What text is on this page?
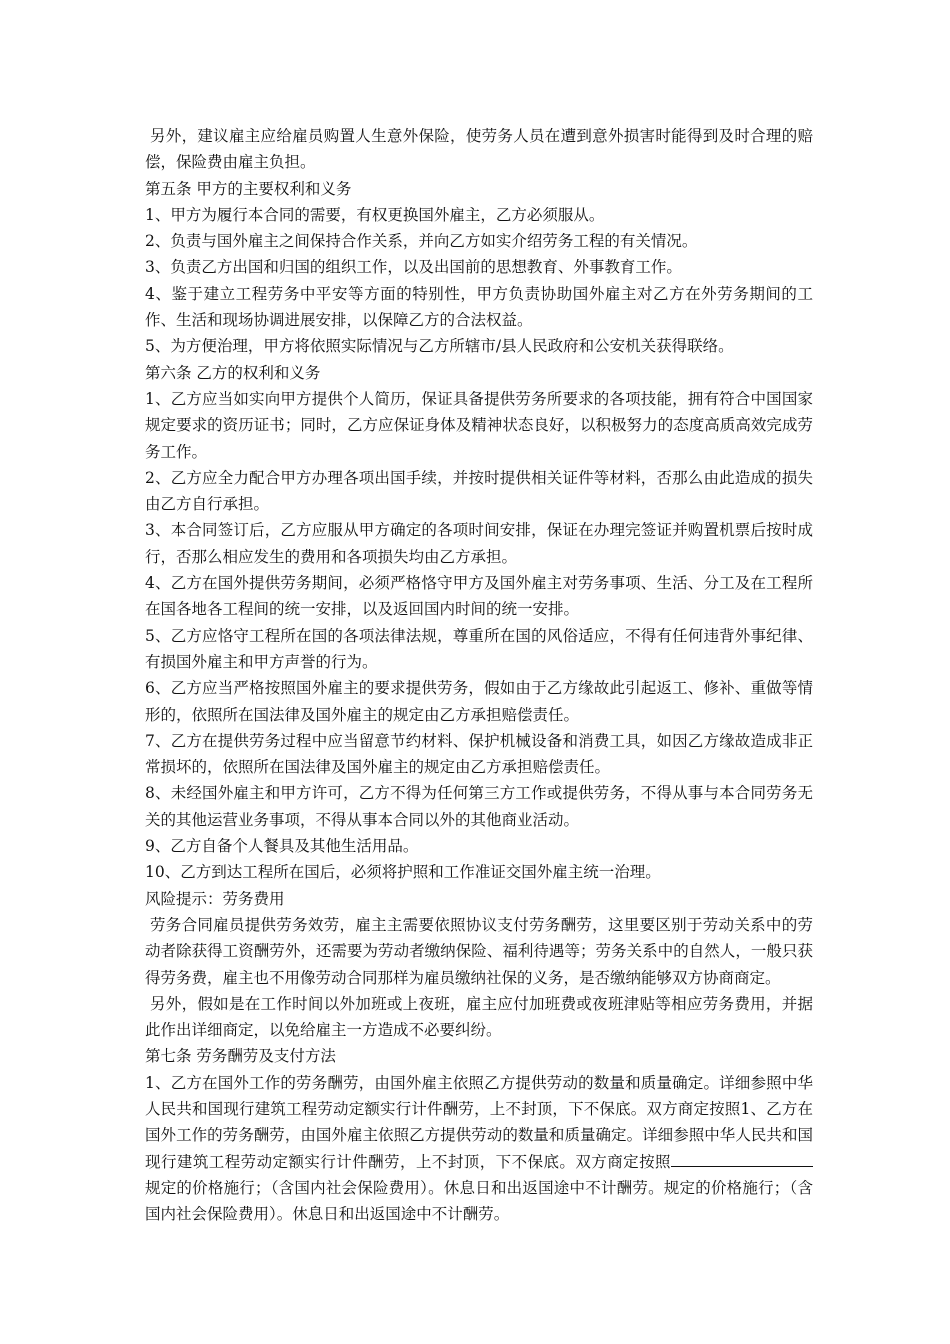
另外，建议雇主应给雇员购置人生意外保险，使劳务人员在遭到意外损害时能得到及时合理的赔偿，保险费由雇主负担。

第五条 甲方的主要权利和义务

1、甲方为履行本合同的需要，有权更换国外雇主，乙方必须服从。

2、负责与国外雇主之间保持合作关系，并向乙方如实介绍劳务工程的有关情况。

3、负责乙方出国和归国的组织工作，以及出国前的思想教育、外事教育工作。

4、鉴于建立工程劳务中平安等方面的特别性，甲方负责协助国外雇主对乙方在外劳务期间的工作、生活和现场协调进展安排，以保障乙方的合法权益。

5、为方便治理，甲方将依照实际情况与乙方所辖市/县人民政府和公安机关获得联络。

第六条 乙方的权利和义务

1、乙方应当如实向甲方提供个人简历，保证具备提供劳务所要求的各项技能，拥有符合中国国家规定要求的资历证书；同时，乙方应保证身体及精神状态良好，以积极努力的态度高质高效完成劳务工作。

2、乙方应全力配合甲方办理各项出国手续，并按时提供相关证件等材料，否那么由此造成的损失由乙方自行承担。

3、本合同签订后，乙方应服从甲方确定的各项时间安排，保证在办理完签证并购置机票后按时成行，否那么相应发生的费用和各项损失均由乙方承担。

4、乙方在国外提供劳务期间，必须严格恪守甲方及国外雇主对劳务事项、生活、分工及在工程所在国各地各工程间的统一安排，以及返回国内时间的统一安排。

5、乙方应恪守工程所在国的各项法律法规，尊重所在国的风俗适应，不得有任何违背外事纪律、有损国外雇主和甲方声誉的行为。

6、乙方应当严格按照国外雇主的要求提供劳务，假如由于乙方缘故此引起返工、修补、重做等情形的，依照所在国法律及国外雇主的规定由乙方承担赔偿责任。

7、乙方在提供劳务过程中应当留意节约材料、保护机械设备和消费工具，如因乙方缘故造成非正常损坏的，依照所在国法律及国外雇主的规定由乙方承担赔偿责任。

8、未经国外雇主和甲方许可，乙方不得为任何第三方工作或提供劳务，不得从事与本合同劳务无关的其他运营业务事项，不得从事本合同以外的其他商业活动。

9、乙方自备个人餐具及其他生活用品。

10、乙方到达工程所在国后，必须将护照和工作准证交国外雇主统一治理。

风险提示：劳务费用

劳务合同雇员提供劳务效劳，雇主主需要依照协议支付劳务酬劳，这里要区别于劳动关系中的劳动者除获得工资酬劳外，还需要为劳动者缴纳保险、福利待遇等；劳务关系中的自然人，一般只获得劳务费，雇主也不用像劳动合同那样为雇员缴纳社保的义务，是否缴纳能够双方协商商定。

另外，假如是在工作时间以外加班或上夜班，雇主应付加班费或夜班津贴等相应劳务费用，并据此作出详细商定，以免给雇主一方造成不必要纠纷。

第七条 劳务酬劳及支付方法

1、乙方在国外工作的劳务酬劳，由国外雇主依照乙方提供劳动的数量和质量确定。详细参照中华人民共和国现行建筑工程劳动定额实行计件酬劳，上不封顶，下不保底。双方商定按照1、乙方在国外工作的劳务酬劳，由国外雇主依照乙方提供劳动的数量和质量确定。详细参照中华人民共和国现行建筑工程劳动定额实行计件酬劳，上不封顶，下不保底。双方商定按照规定的价格施行；（含国内社会保险费用）。休息日和出返国途中不计酬劳。规定的价格施行；（含国内社会保险费用）。休息日和出返国途中不计酬劳。
